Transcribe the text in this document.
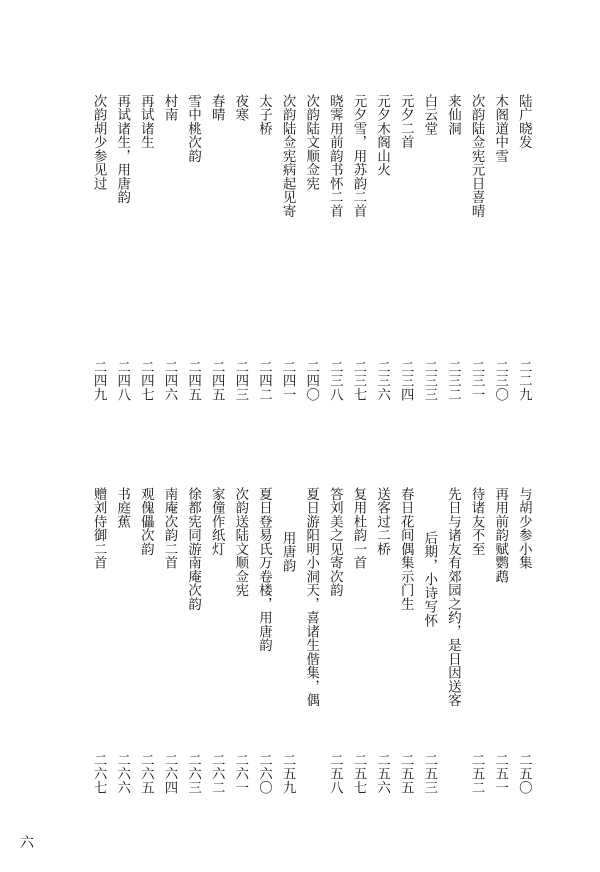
陆广晓发
二二九
木阁道中雪
二三〇
次韵陆佥宪元日喜晴
二三一
来仙洞
二三二
白云堂
二三三
元夕二首
二三四
元夕木阁山火
二三六
元夕雪，用苏韵二首
二三七
晓霁用前韵书怀二首
二三八
次韵陆文顺佥宪
二四〇
次韵陆佥宪病起见寄
二四一
太子桥
二四二
夜寒
二四三
春晴
二四五
雪中桃次韵
二四五
村南
二四六
再试诸生
二四七
再试诸生，用唐韵
二四八
次韵胡少参见过
二四九
与胡少参小集
二五〇
再用前韵赋鹦鹉
二五一
待诸友不至
二五二
先日与诸友有郊园之约，是日因送客
后期，小诗写怀
二五三
春日花间偶集示门生
二五五
送客过二桥
二五六
复用杜韵一首
二五七
答刘美之见寄次韵
二五八
夏日游阳明小洞天，喜诸生偕集，偶
用唐韵
二五九
夏日登易氏万卷楼，用唐韵
二六〇
次韵送陆文顺佥宪
二六一
家僮作纸灯
二六二
徐都宪同游南庵次韵
二六三
南庵次韵二首
二六四
观傀儡次韵
二六五
书庭蕉
二六六
赠刘侍御二首
二六七
六
